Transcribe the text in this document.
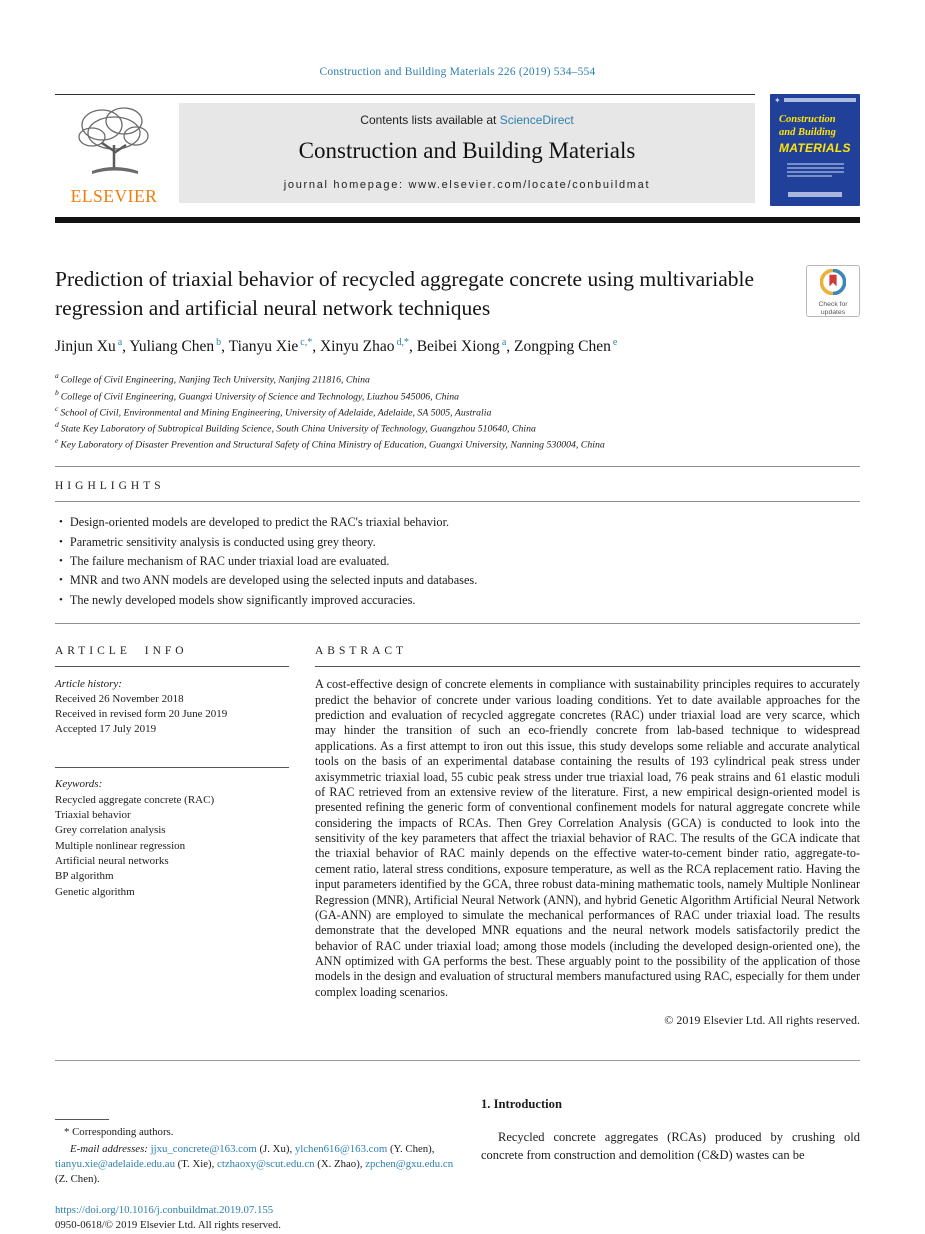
Construction and Building Materials 226 (2019) 534–554
ELSEVIER
Contents lists available at ScienceDirect
Construction and Building Materials
journal homepage: www.elsevier.com/locate/conbuildmat
✦
Construction
and Building
MATERIALS
Prediction of triaxial behavior of recycled aggregate concrete using multivariable regression and artificial neural network techniques	Check for
updates
Jinjun Xu $^a$, Yuliang Chen $^b$, Tianyu Xie $^{c,*}$, Xinyu Zhao $^{d,*}$, Beibei Xiong $^a$, Zongping Chen $^e$
$^a$ College of Civil Engineering, Nanjing Tech University, Nanjing 211816, China
$^b$ College of Civil Engineering, Guangxi University of Science and Technology, Liuzhou 545006, China
$^c$ School of Civil, Environmental and Mining Engineering, University of Adelaide, Adelaide, SA 5005, Australia
$^d$ State Key Laboratory of Subtropical Building Science, South China University of Technology, Guangzhou 510640, China
$^e$ Key Laboratory of Disaster Prevention and Structural Safety of China Ministry of Education, Guangxi University, Nanning 530004, China
HIGHLIGHTS
• Design-oriented models are developed to predict the RAC's triaxial behavior.
• Parametric sensitivity analysis is conducted using grey theory.
• The failure mechanism of RAC under triaxial load are evaluated.
• MNR and two ANN models are developed using the selected inputs and databases.
• The newly developed models show significantly improved accuracies.
ARTICLE INFO
Article history:
Received 26 November 2018
Received in revised form 20 June 2019
Accepted 17 July 2019
Keywords:
Recycled aggregate concrete (RAC)
Triaxial behavior
Grey correlation analysis
Multiple nonlinear regression
Artificial neural networks
BP algorithm
Genetic algorithm
ABSTRACT
A cost-effective design of concrete elements in compliance with sustainability principles requires to accurately predict the behavior of concrete under various loading conditions. Yet to date available approaches for the prediction and evaluation of recycled aggregate concretes (RAC) under triaxial load are very scarce, which may hinder the transition of such an eco-friendly concrete from lab-based technique to widespread applications. As a first attempt to iron out this issue, this study develops some reliable and accurate analytical tools on the basis of an experimental database containing the results of 193 cylindrical peak stress under axisymmetric triaxial load, 55 cubic peak stress under true triaxial load, 76 peak strains and 61 elastic moduli of RAC retrieved from an extensive review of the literature. First, a new empirical design-oriented model is presented refining the generic form of conventional confinement models for natural aggregate concrete while considering the impacts of RCAs. Then Grey Correlation Analysis (GCA) is conducted to look into the sensitivity of the key parameters that affect the triaxial behavior of RAC. The results of the GCA indicate that the triaxial behavior of RAC mainly depends on the effective water-to-cement binder ratio, aggregate-to-cement ratio, lateral stress conditions, exposure temperature, as well as the RCA replacement ratio. Having the input parameters identified by the GCA, three robust data-mining mathematic tools, namely Multiple Nonlinear Regression (MNR), Artificial Neural Network (ANN), and hybrid Genetic Algorithm Artificial Neural Network (GA-ANN) are employed to simulate the mechanical performances of RAC under triaxial load. The results demonstrate that the developed MNR equations and the neural network models satisfactorily predict the behavior of RAC under triaxial load; among those models (including the developed design-oriented one), the ANN optimized with GA performs the best. These arguably point to the possibility of the application of those models in the design and evaluation of structural members manufactured using RAC, especially for them under complex loading scenarios.
© 2019 Elsevier Ltd. All rights reserved.
* Corresponding authors.
E-mail addresses: jjxu_concrete@163.com (J. Xu), ylchen616@163.com (Y. Chen), tianyu.xie@adelaide.edu.au (T. Xie), ctzhaoxy@scut.edu.cn (X. Zhao), zpchen@gxu.edu.cn (Z. Chen).
https://doi.org/10.1016/j.conbuildmat.2019.07.155
0950-0618/© 2019 Elsevier Ltd. All rights reserved.
1. Introduction
Recycled concrete aggregates (RCAs) produced by crushing old concrete from construction and demolition (C&D) wastes can be
